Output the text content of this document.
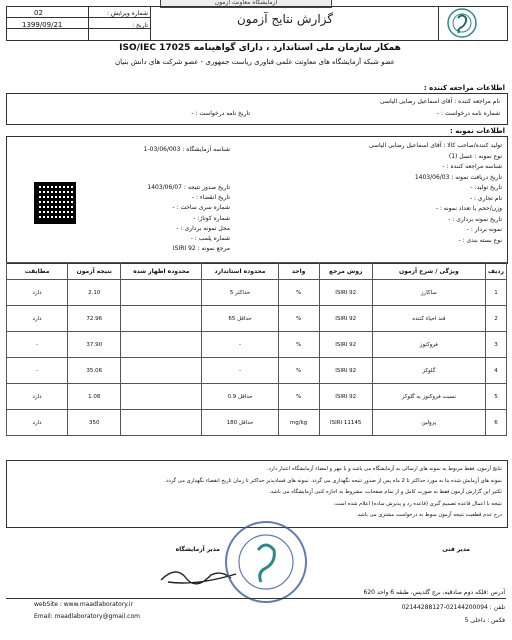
آزمایشگاه معاونت آزمون
02	شماره ویرایش :
1399/09/21	تاریخ :	گزارش نتایج آزمون
همکار سازمان ملی استاندارد ، دارای گواهینامه ISO/IEC 17025
عضو شبکه آزمایشگاه های معاونت علمی فناوری ریاست جمهوری - عضو شرکت های دانش بنیان
اطلاعات مراجعه کننده :
نام مراجعه کننده : آقای اسماعیل رضایی الیاسی
شماره نامه درخواست : -
تاریخ نامه درخواست : -
اطلاعات نمونه :
تولید کننده/صاحب کالا : آقای اسماعیل رضایی الیاسی
نوع نمونه : عسل (1)
شناسه مراجعه کننده : -
تاریخ دریافت نمونه : 1403/06/03
تاریخ تولید: -
نام تجاری : -
وزن/حجم یا تعداد نمونه : -
تاریخ نمونه برداری : -
نمونه بردار : -
نوع بسته بندی : -
شناسه آزمایشگاه : 03/06/003-1
تاریخ صدور نتیجه : 1403/06/07
تاریخ انقضاء : -
شماره سری ساخت : -
شماره کوتاژ: -
محل نمونه برداری : -
شماره پلمب : -
مرجع نمونه : ISIRI 92
ردیف	ویژگی / شرح آزمون	روش مرجع	واحد	محدوده استاندارد	محدوده اظهار شده	نتیجه آزمون	مطابقت
1	ساکارز	ISIRI 92	%	حداکثر 5		2.10	دارد
2	قند احیاء کننده	ISIRI 92	%	حداقل 65		72.96	دارد
3	فروکتوز	ISIRI 92	%	-		37.90	-
4	گلوکز	ISIRI 92	%	-		35.06	-
5	نسبت فروکتوز به گلوکز	ISIRI 92	%	حداقل 0.9		1.08	دارد
6	پرولین	ISIRI 11145	mg/kg	حداقل 180		350	دارد
نتایج آزمون، فقط مربوط به نمونه های ارسالی به آزمایشگاه می باشد و با مهر و امضاء آزمایشگاه اعتبار دارد.
نمونه های آزمایش شده بنا به مورد حداکثر تا 2 ماه پس از صدور نتیجه نگهداری می گردد. نمونه های فسادپذیر حداکثر تا زمان تاریخ انقضاء نگهداری می گردد.
تکثیر این گزارش آزمون فقط به صورت کامل و از تمام صفحات، مشروط به اجازه کتبی آزمایشگاه می باشد.
نتیجه با اعمال قاعده تصمیم گیری (قاعده رد و پذیرش ساده) اعلام شده است.
درج عدم قطعیت نتیجه آزمون منوط به درخواست مشتری می باشد.
مدیر آزمایشگاه	مدیر فنی
webSite : www.maadlaboratory.ir
Email: maadlaboratory@gmail.com
آدرس :قلکه دوم صادقیه، برج گلدیس، طبقه 6 واحد 620
تلفن : 02144200094-02144288127
فکس : داخلی 5
